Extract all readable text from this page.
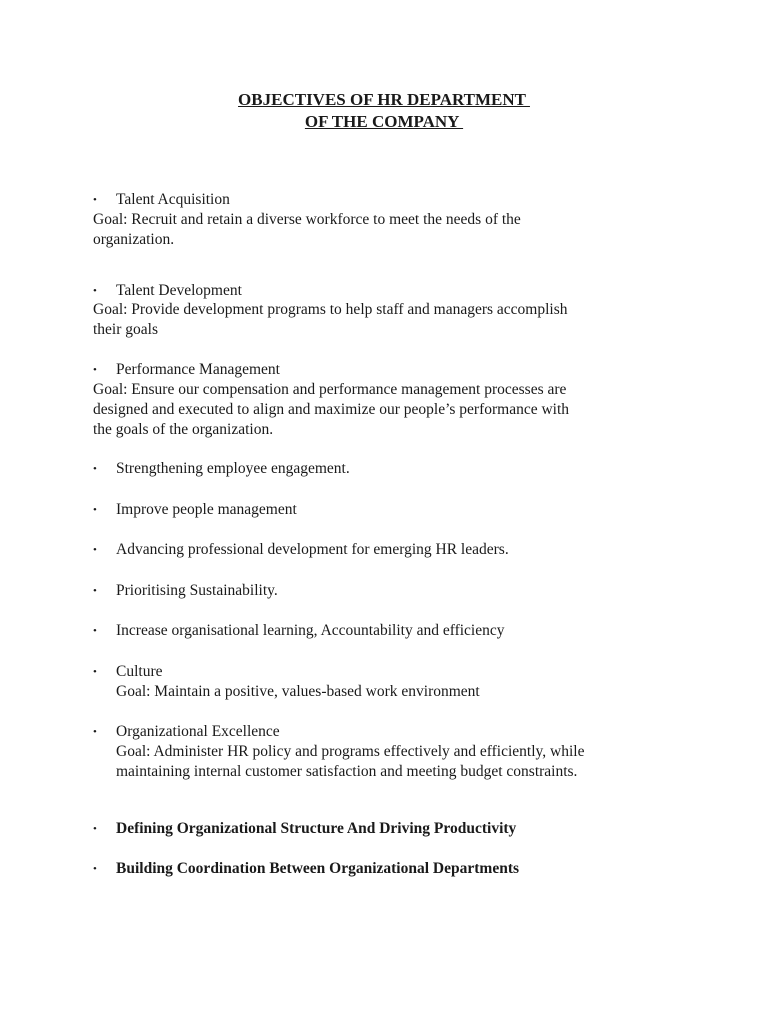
OBJECTIVES OF HR DEPARTMENT
OF THE COMPANY
• Talent Acquisition
Goal: Recruit and retain a diverse workforce to meet the needs of the
organization.
• Talent Development
Goal: Provide development programs to help staff and managers accomplish
their goals
• Performance Management
Goal: Ensure our compensation and performance management processes are
designed and executed to align and maximize our people’s performance with
the goals of the organization.
• Strengthening employee engagement.
• Improve people management
• Advancing professional development for emerging HR leaders.
• Prioritising Sustainability.
• Increase organisational learning, Accountability and efficiency
• Culture
Goal: Maintain a positive, values-based work environment
• Organizational Excellence
Goal: Administer HR policy and programs effectively and efficiently, while
maintaining internal customer satisfaction and meeting budget constraints.
• Defining Organizational Structure And Driving Productivity
• Building Coordination Between Organizational Departments
